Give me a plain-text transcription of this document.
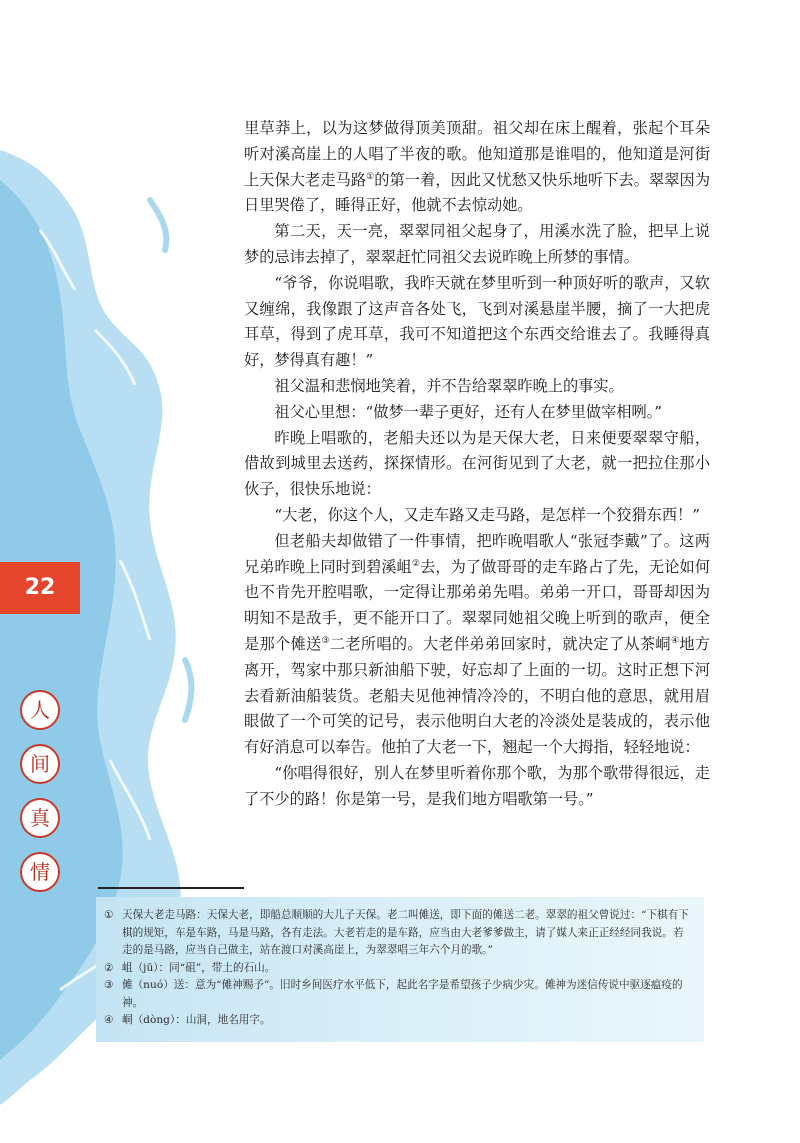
22
人
间
真
情

里草莽上，以为这梦做得顶美顶甜。祖父却在床上醒着，张起个耳朵听对溪高崖上的人唱了半夜的歌。他知道那是谁唱的，他知道是河街上天保大老走马路①的第一着，因此又忧愁又快乐地听下去。翠翠因为日里哭倦了，睡得正好，他就不去惊动她。

第二天，天一亮，翠翠同祖父起身了，用溪水洗了脸，把早上说梦的忌讳去掉了，翠翠赶忙同祖父去说昨晚上所梦的事情。

“爷爷，你说唱歌，我昨天就在梦里听到一种顶好听的歌声，又软又缠绵，我像跟了这声音各处飞，飞到对溪悬崖半腰，摘了一大把虎耳草，得到了虎耳草，我可不知道把这个东西交给谁去了。我睡得真好，梦得真有趣！”

祖父温和悲悯地笑着，并不告给翠翠昨晚上的事实。

祖父心里想：“做梦一辈子更好，还有人在梦里做宰相咧。”

昨晚上唱歌的，老船夫还以为是天保大老，日来便要翠翠守船，借故到城里去送药，探探情形。在河街见到了大老，就一把拉住那小伙子，很快乐地说：

“大老，你这个人，又走车路又走马路，是怎样一个狡猾东西！”

但老船夫却做错了一件事情，把昨晚唱歌人“张冠李戴”了。这两兄弟昨晚上同时到碧溪岨②去，为了做哥哥的走车路占了先，无论如何也不肯先开腔唱歌，一定得让那弟弟先唱。弟弟一开口，哥哥却因为明知不是敌手，更不能开口了。翠翠同她祖父晚上听到的歌声，便全是那个傩送③二老所唱的。大老伴弟弟回家时，就决定了从茶峒④地方离开，驾家中那只新油船下驶，好忘却了上面的一切。这时正想下河去看新油船装货。老船夫见他神情冷冷的，不明白他的意思，就用眉眼做了一个可笑的记号，表示他明白大老的冷淡处是装成的，表示他有好消息可以奉告。他拍了大老一下，翘起一个大拇指，轻轻地说：

“你唱得很好，别人在梦里听着你那个歌，为那个歌带得很远，走了不少的路！你是第一号，是我们地方唱歌第一号。”

① 天保大老走马路：天保大老，即船总顺顺的大儿子天保。老二叫傩送，即下面的傩送二老。翠翠的祖父曾说过：“下棋有下棋的规矩，车是车路，马是马路，各有走法。大老若走的是车路，应当由大老爹爹做主，请了媒人来正正经经同我说。若走的是马路，应当自己做主，站在渡口对溪高崖上，为翠翠唱三年六个月的歌。”
② 岨（jū）：同“砠”，带土的石山。
③ 傩（nuó）送：意为“傩神赐予”。旧时乡间医疗水平低下，起此名字是希望孩子少病少灾。傩神为迷信传说中驱逐瘟疫的神。
④ 峒（dòng）：山洞，地名用字。
